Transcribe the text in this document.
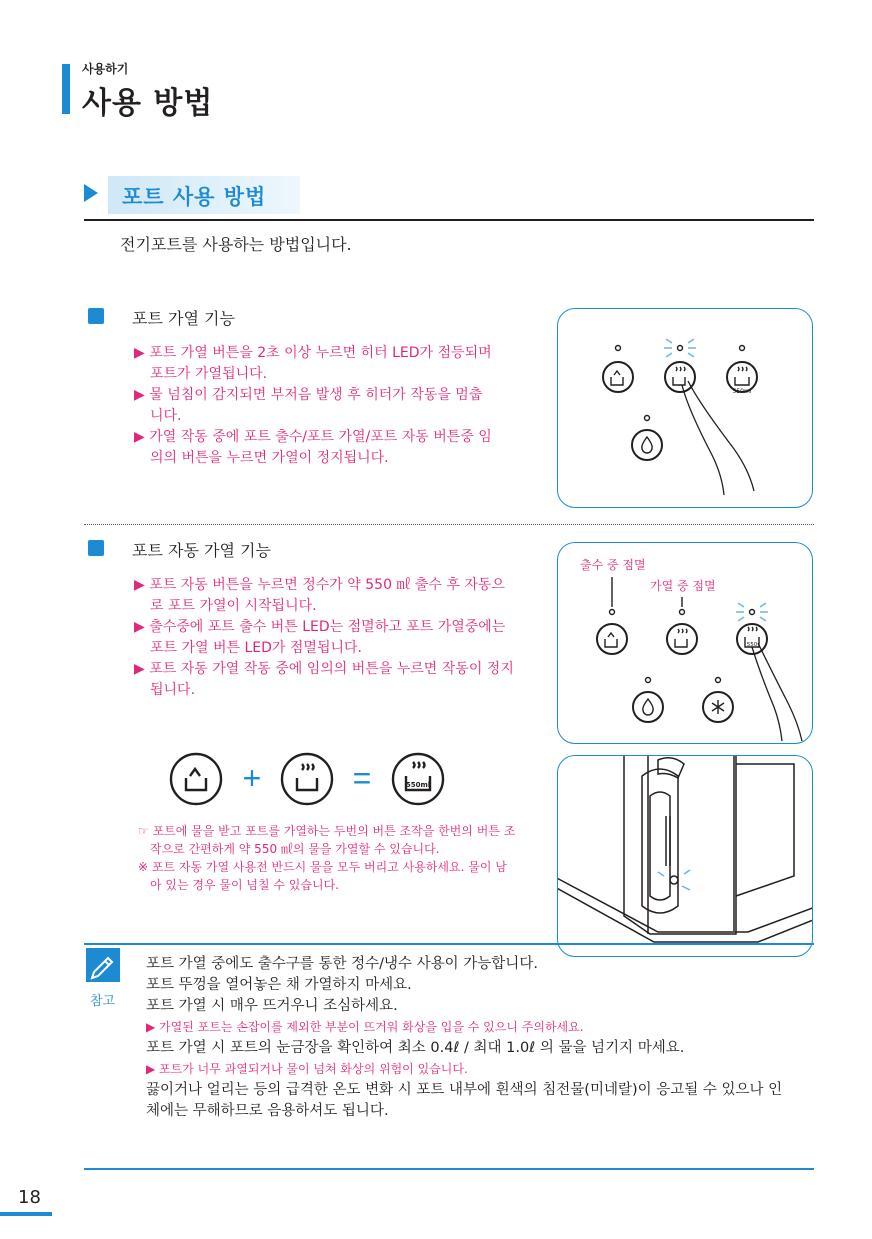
사용하기
사용 방법
포트 사용 방법
전기포트를 사용하는 방법입니다.
포트 가열 기능
▶ 포트 가열 버튼을 2초 이상 누르면 히터 LED가 점등되며 포트가 가열됩니다.
▶ 물 넘침이 감지되면 부저음 발생 후 히터가 작동을 멈춥니다.
▶ 가열 작동 중에 포트 출수/포트 가열/포트 자동 버튼중 임의의 버튼을 누르면 가열이 정지됩니다.
550ml
포트 자동 가열 기능
▶ 포트 자동 버튼을 누르면 정수가 약 550 ㎖ 출수 후 자동으로 포트 가열이 시작됩니다.
▶ 출수중에 포트 출수 버튼 LED는 점멸하고 포트 가열중에는 포트 가열 버튼 LED가 점멸됩니다.
▶ 포트 자동 가열 작동 중에 임의의 버튼을 누르면 작동이 정지됩니다.
+	=	550ml
☞ 포트에 물을 받고 포트를 가열하는 두번의 버튼 조작을 한번의 버튼 조작으로 간편하게 약 550 ㎖의 물을 가열할 수 있습니다.
※ 포트 자동 가열 사용전 반드시 물을 모두 버리고 사용하세요. 물이 남아 있는 경우 물이 넘칠 수 있습니다.
출수 중 점멸
가열 중 점멸
550
참고
포트 가열 중에도 출수구를 통한 정수/냉수 사용이 가능합니다.
포트 뚜껑을 열어놓은 채 가열하지 마세요.
포트 가열 시 매우 뜨거우니 조심하세요.
▶ 가열된 포트는 손잡이를 제외한 부분이 뜨거워 화상을 입을 수 있으니 주의하세요.
포트 가열 시 포트의 눈금장을 확인하여 최소 0.4ℓ / 최대 1.0ℓ 의 물을 넘기지 마세요.
▶ 포트가 너무 과열되거나 물이 넘쳐 화상의 위험이 있습니다.
끓이거나 얼리는 등의 급격한 온도 변화 시 포트 내부에 흰색의 침전물(미네랄)이 응고될 수 있으나 인체에는 무해하므로 음용하셔도 됩니다.
18
